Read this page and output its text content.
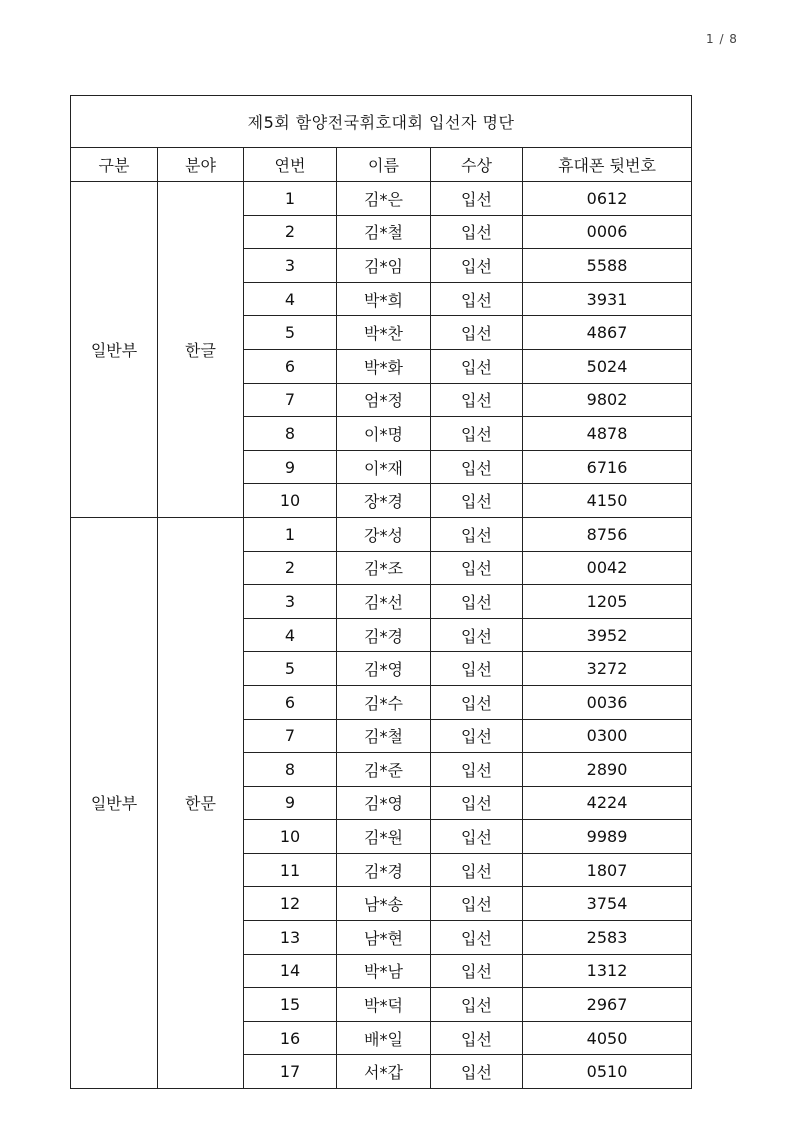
1 / 8
제5회 함양전국휘호대회 입선자 명단					
구분	분야	연번	이름	수상	휴대폰 뒷번호
일반부	한글	1	김*은	입선	0612
		2	김*철	입선	0006
		3	김*임	입선	5588
		4	박*희	입선	3931
		5	박*찬	입선	4867
		6	박*화	입선	5024
		7	엄*정	입선	9802
		8	이*명	입선	4878
		9	이*재	입선	6716
		10	장*경	입선	4150
일반부	한문	1	강*성	입선	8756
		2	김*조	입선	0042
		3	김*선	입선	1205
		4	김*경	입선	3952
		5	김*영	입선	3272
		6	김*수	입선	0036
		7	김*철	입선	0300
		8	김*준	입선	2890
		9	김*영	입선	4224
		10	김*원	입선	9989
		11	김*경	입선	1807
		12	남*송	입선	3754
		13	남*현	입선	2583
		14	박*남	입선	1312
		15	박*덕	입선	2967
		16	배*일	입선	4050
		17	서*갑	입선	0510
